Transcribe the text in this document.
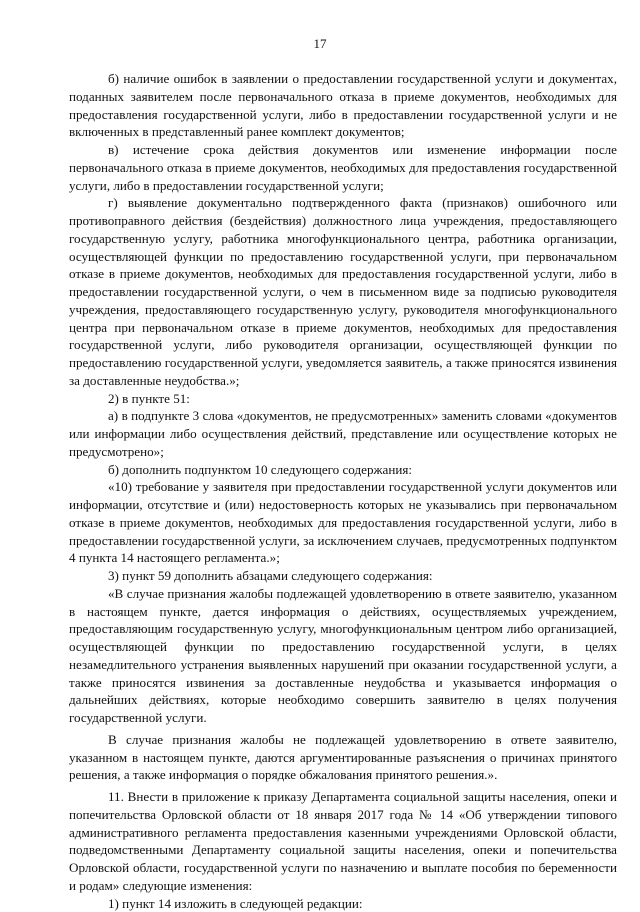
17

б) наличие ошибок в заявлении о предоставлении государственной услуги и документах, поданных заявителем после первоначального отказа в приеме документов, необходимых для предоставления государственной услуги, либо в предоставлении государственной услуги и не включенных в представленный ранее комплект документов;

в) истечение срока действия документов или изменение информации после первоначального отказа в приеме документов, необходимых для предоставления государственной услуги, либо в предоставлении государственной услуги;

г) выявление документально подтвержденного факта (признаков) ошибочного или противоправного действия (бездействия) должностного лица учреждения, предоставляющего государственную услугу, работника многофункционального центра, работника организации, осуществляющей функции по предоставлению государственной услуги, при первоначальном отказе в приеме документов, необходимых для предоставления государственной услуги, либо в предоставлении государственной услуги, о чем в письменном виде за подписью руководителя учреждения, предоставляющего государственную услугу, руководителя многофункционального центра при первоначальном отказе в приеме документов, необходимых для предоставления государственной услуги, либо руководителя организации, осуществляющей функции по предоставлению государственной услуги, уведомляется заявитель, а также приносятся извинения за доставленные неудобства.»;

2) в пункте 51:

а) в подпункте 3 слова «документов, не предусмотренных» заменить словами «документов или информации либо осуществления действий, представление или осуществление которых не предусмотрено»;

б) дополнить подпунктом 10 следующего содержания:

«10) требование у заявителя при предоставлении государственной услуги документов или информации, отсутствие и (или) недостоверность которых не указывались при первоначальном отказе в приеме документов, необходимых для предоставления государственной услуги, либо в предоставлении государственной услуги, за исключением случаев, предусмотренных подпунктом 4 пункта 14 настоящего регламента.»;

3) пункт 59 дополнить абзацами следующего содержания:

«В случае признания жалобы подлежащей удовлетворению в ответе заявителю, указанном в настоящем пункте, дается информация о действиях, осуществляемых учреждением, предоставляющим государственную услугу, многофункциональным центром либо организацией, осуществляющей функции по предоставлению государственной услуги, в целях незамедлительного устранения выявленных нарушений при оказании государственной услуги, а также приносятся извинения за доставленные неудобства и указывается информация о дальнейших действиях, которые необходимо совершить заявителю в целях получения государственной услуги.

В случае признания жалобы не подлежащей удовлетворению в ответе заявителю, указанном в настоящем пункте, даются аргументированные разъяснения о причинах принятого решения, а также информация о порядке обжалования принятого решения.».

11. Внести в приложение к приказу Департамента социальной защиты населения, опеки и попечительства Орловской области от 18 января 2017 года № 14 «Об утверждении типового административного регламента предоставления казенными учреждениями Орловской области, подведомственными Департаменту социальной защиты населения, опеки и попечительства Орловской области, государственной услуги по назначению и выплате пособия по беременности и родам» следующие изменения:

1) пункт 14 изложить в следующей редакции:
